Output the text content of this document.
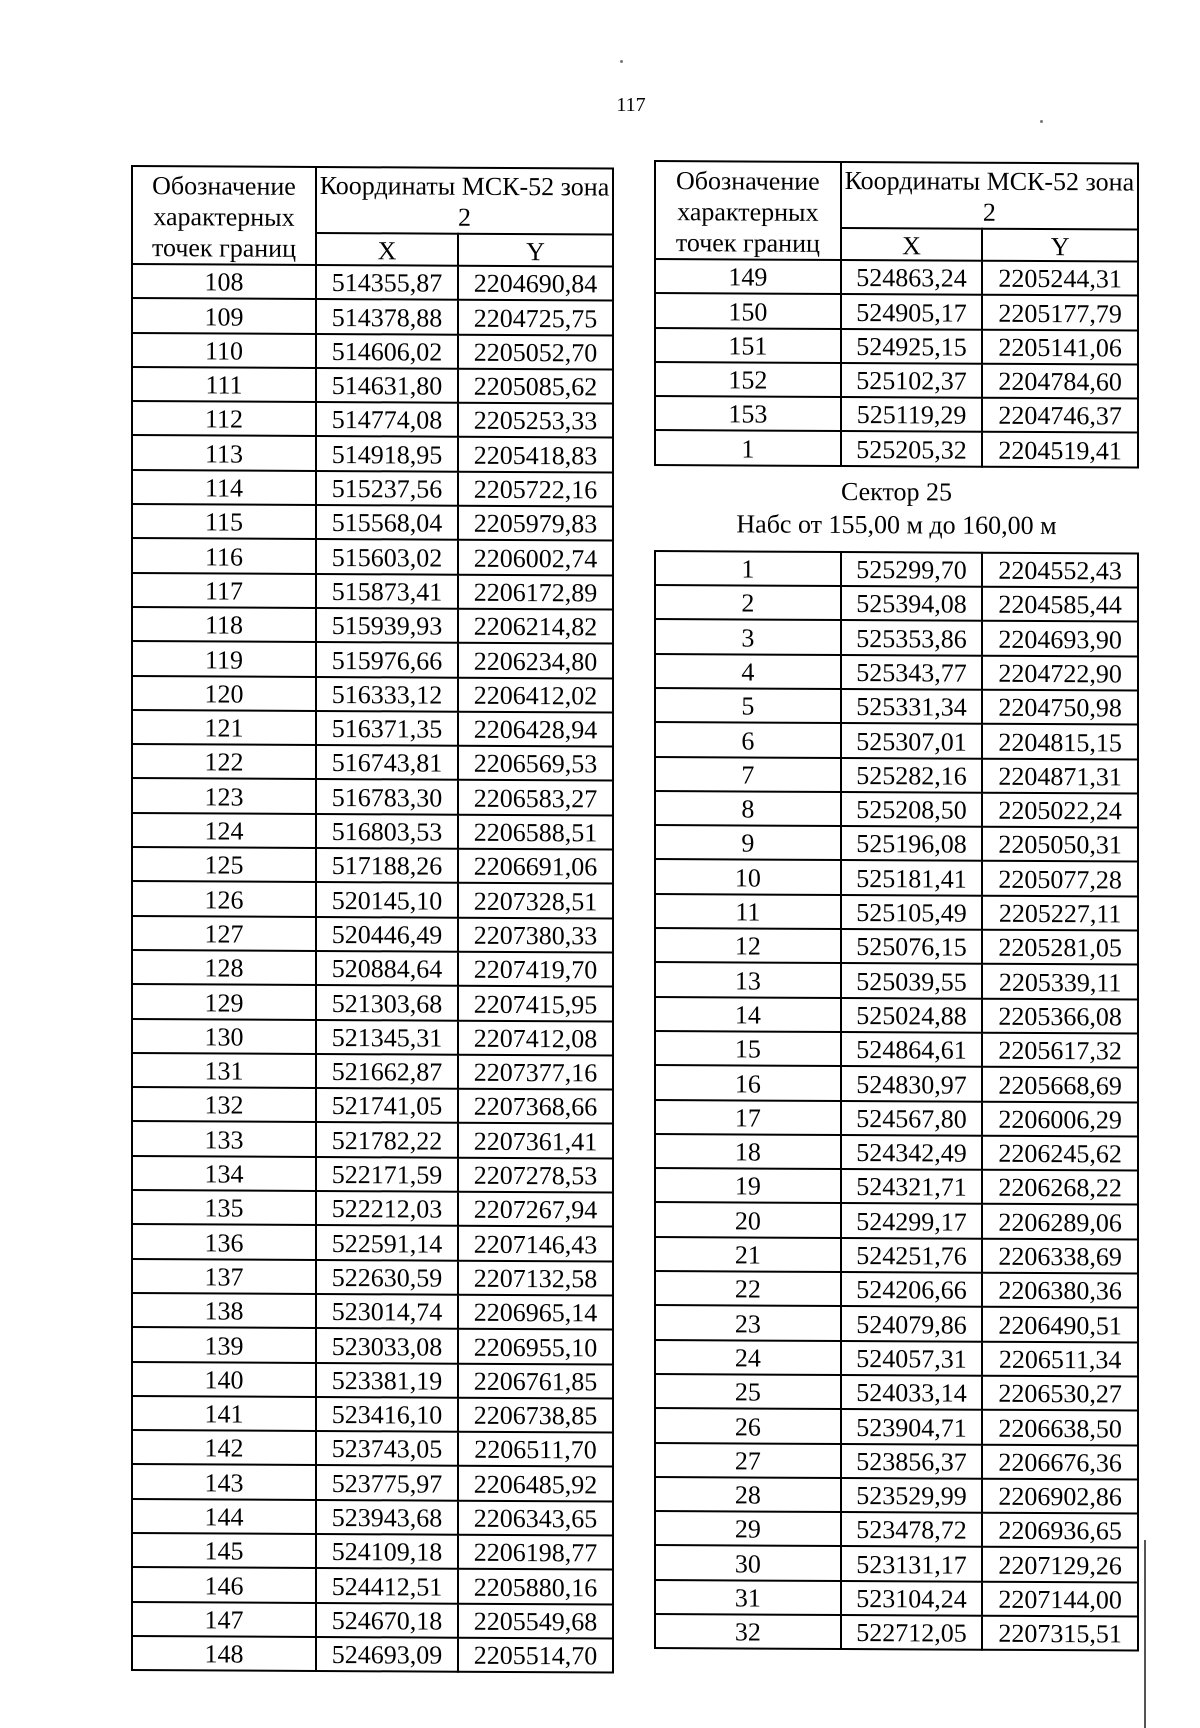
117
Обозначение характерных точек границ	Координаты МСК-52 зона 2	
	X	Y
108	514355,87	2204690,84
109	514378,88	2204725,75
110	514606,02	2205052,70
111	514631,80	2205085,62
112	514774,08	2205253,33
113	514918,95	2205418,83
114	515237,56	2205722,16
115	515568,04	2205979,83
116	515603,02	2206002,74
117	515873,41	2206172,89
118	515939,93	2206214,82
119	515976,66	2206234,80
120	516333,12	2206412,02
121	516371,35	2206428,94
122	516743,81	2206569,53
123	516783,30	2206583,27
124	516803,53	2206588,51
125	517188,26	2206691,06
126	520145,10	2207328,51
127	520446,49	2207380,33
128	520884,64	2207419,70
129	521303,68	2207415,95
130	521345,31	2207412,08
131	521662,87	2207377,16
132	521741,05	2207368,66
133	521782,22	2207361,41
134	522171,59	2207278,53
135	522212,03	2207267,94
136	522591,14	2207146,43
137	522630,59	2207132,58
138	523014,74	2206965,14
139	523033,08	2206955,10
140	523381,19	2206761,85
141	523416,10	2206738,85
142	523743,05	2206511,70
143	523775,97	2206485,92
144	523943,68	2206343,65
145	524109,18	2206198,77
146	524412,51	2205880,16
147	524670,18	2205549,68
148	524693,09	2205514,70
Обозначение характерных точек границ	Координаты МСК-52 зона 2	
	X	Y
149	524863,24	2205244,31
150	524905,17	2205177,79
151	524925,15	2205141,06
152	525102,37	2204784,60
153	525119,29	2204746,37
1	525205,32	2204519,41

Сектор 25
Набс от 155,00 м до 160,00 м		

1	525299,70	2204552,43
2	525394,08	2204585,44
3	525353,86	2204693,90
4	525343,77	2204722,90
5	525331,34	2204750,98
6	525307,01	2204815,15
7	525282,16	2204871,31
8	525208,50	2205022,24
9	525196,08	2205050,31
10	525181,41	2205077,28
11	525105,49	2205227,11
12	525076,15	2205281,05
13	525039,55	2205339,11
14	525024,88	2205366,08
15	524864,61	2205617,32
16	524830,97	2205668,69
17	524567,80	2206006,29
18	524342,49	2206245,62
19	524321,71	2206268,22
20	524299,17	2206289,06
21	524251,76	2206338,69
22	524206,66	2206380,36
23	524079,86	2206490,51
24	524057,31	2206511,34
25	524033,14	2206530,27
26	523904,71	2206638,50
27	523856,37	2206676,36
28	523529,99	2206902,86
29	523478,72	2206936,65
30	523131,17	2207129,26
31	523104,24	2207144,00
32	522712,05	2207315,51
